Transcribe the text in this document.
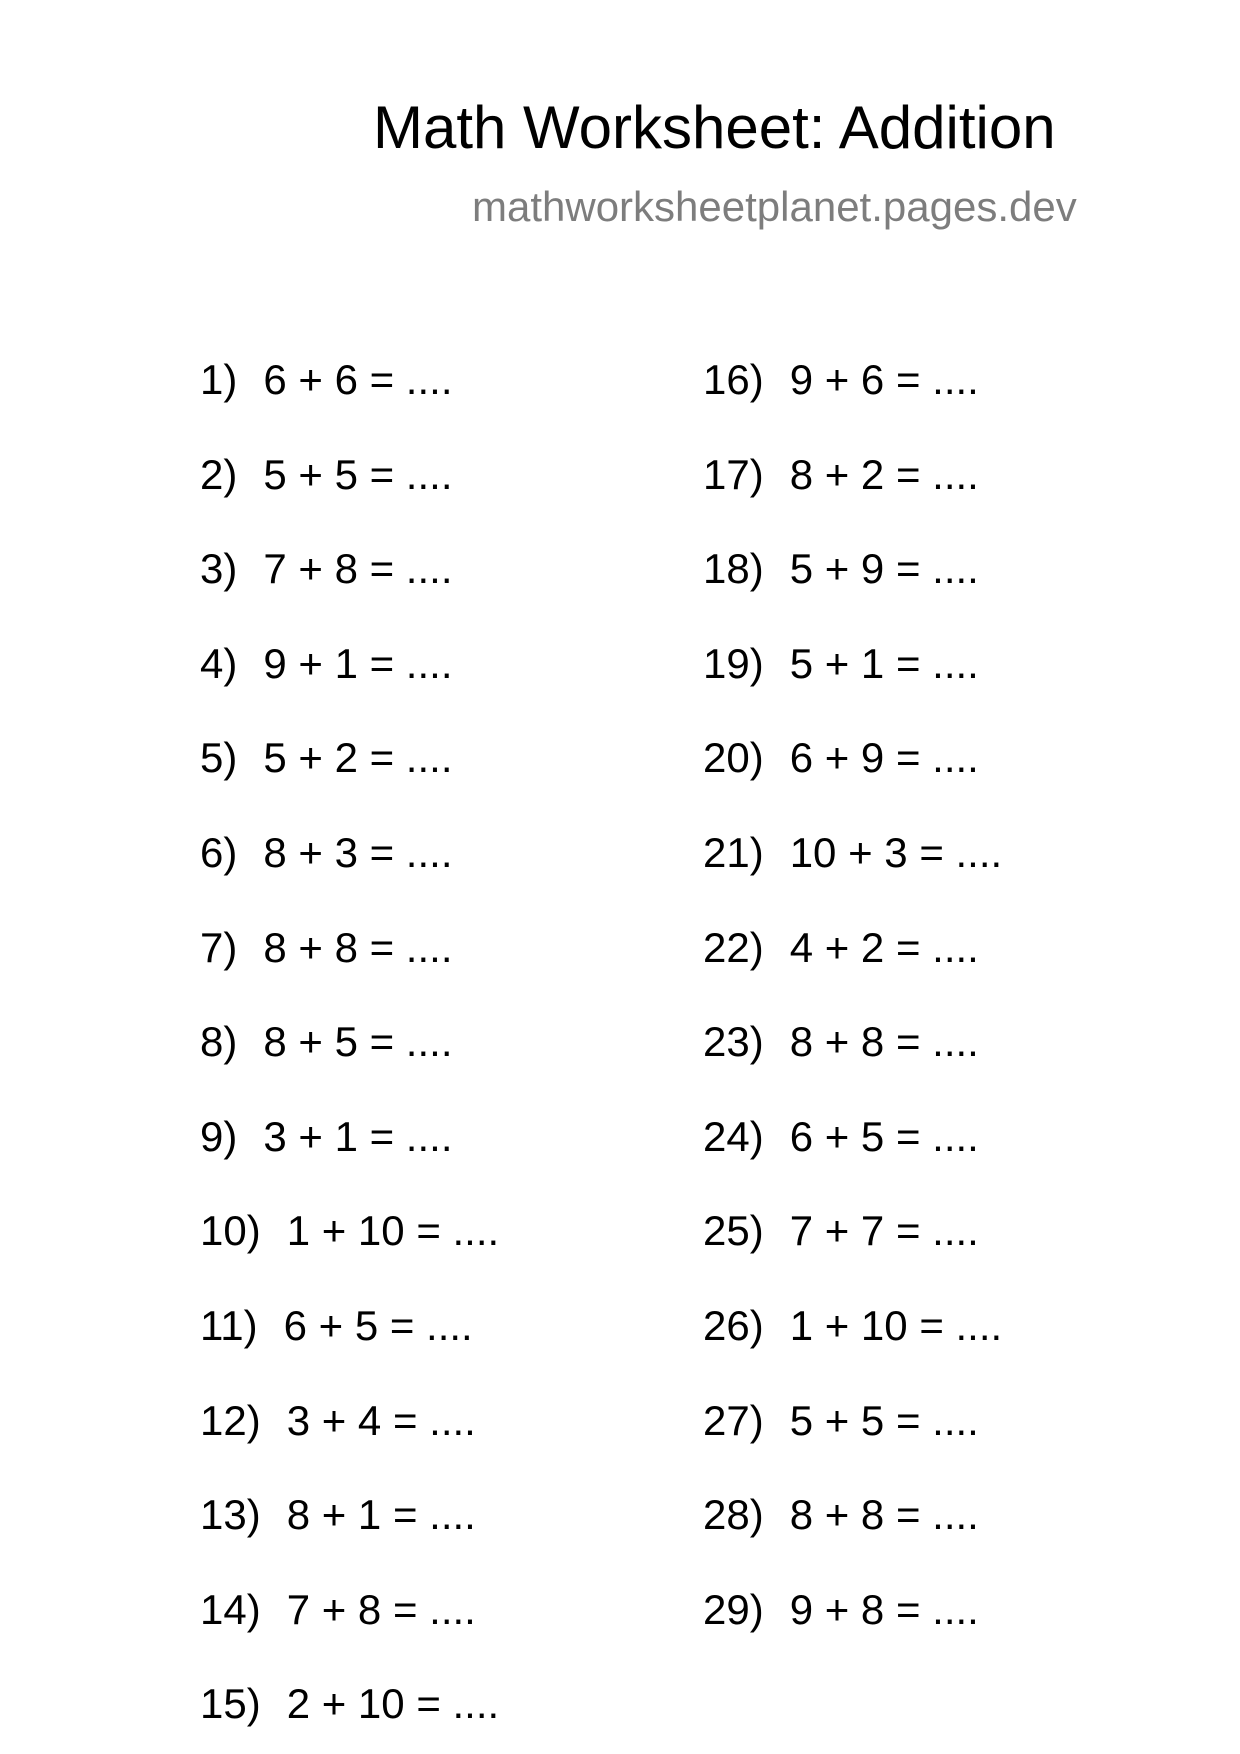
Math Worksheet: Addition
mathworksheetplanet.pages.dev
1) 6 + 6 = ....
2) 5 + 5 = ....
3) 7 + 8 = ....
4) 9 + 1 = ....
5) 5 + 2 = ....
6) 8 + 3 = ....
7) 8 + 8 = ....
8) 8 + 5 = ....
9) 3 + 1 = ....
10) 1 + 10 = ....
11) 6 + 5 = ....
12) 3 + 4 = ....
13) 8 + 1 = ....
14) 7 + 8 = ....
15) 2 + 10 = ....
16) 9 + 6 = ....
17) 8 + 2 = ....
18) 5 + 9 = ....
19) 5 + 1 = ....
20) 6 + 9 = ....
21) 10 + 3 = ....
22) 4 + 2 = ....
23) 8 + 8 = ....
24) 6 + 5 = ....
25) 7 + 7 = ....
26) 1 + 10 = ....
27) 5 + 5 = ....
28) 8 + 8 = ....
29) 9 + 8 = ....
